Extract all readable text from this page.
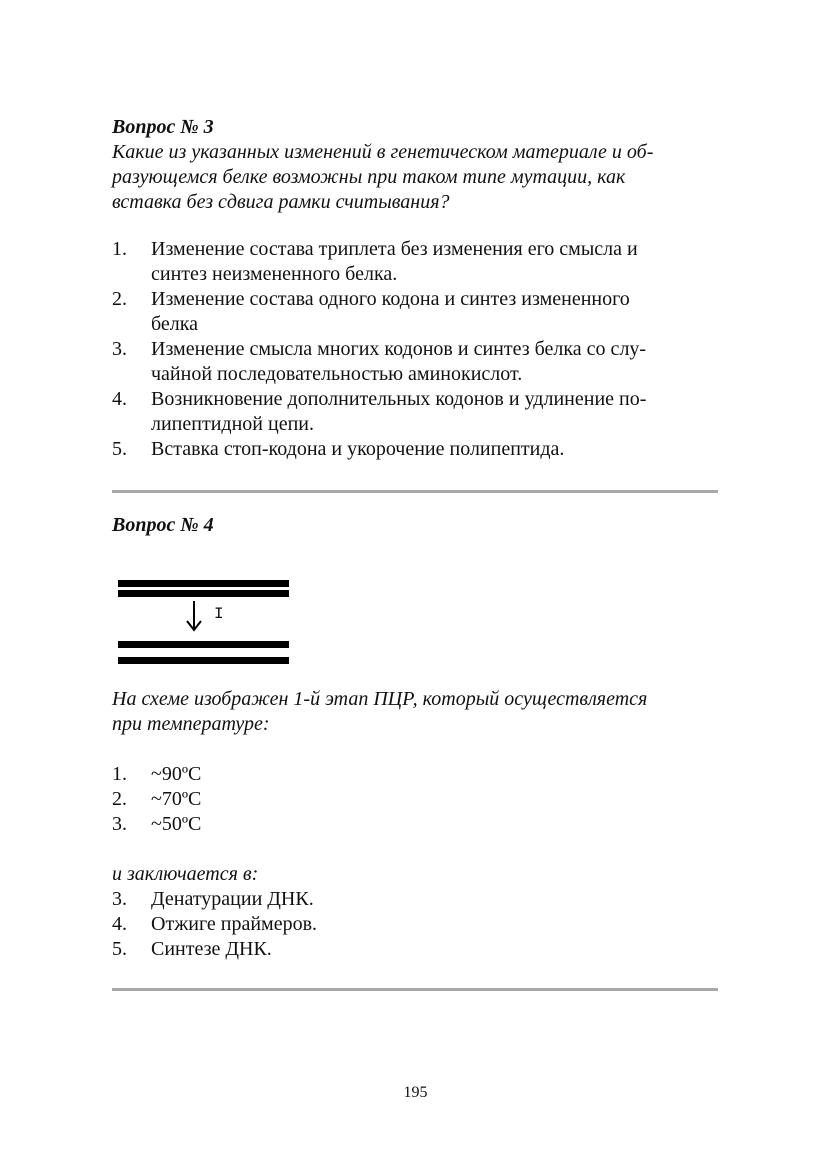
Вопрос № 3

Какие из указанных изменений в генетическом материале и об-

разующемся белке возможны при таком типе мутации, как

вставка без сдвига рамки считывания?

1. Изменение состава триплета без изменения его смысла и
синтез неизмененного белка.
2. Изменение состава одного кодона и синтез измененного
белка
3. Изменение смысла многих кодонов и синтез белка со слу-
чайной последовательностью аминокислот.
4. Возникновение дополнительных кодонов и удлинение по-
липептидной цепи.
5. Вставка стоп-кодона и укорочение полипептида.

Вопрос № 4

I

На схеме изображен 1-й этап ПЦР, который осуществляется

при температуре:

1. ~90ºС
2. ~70ºС
3. ~50ºС

и заключается в:

3. Денатурации ДНК.
4. Отжиге праймеров.
5. Синтезе ДНК.
195
